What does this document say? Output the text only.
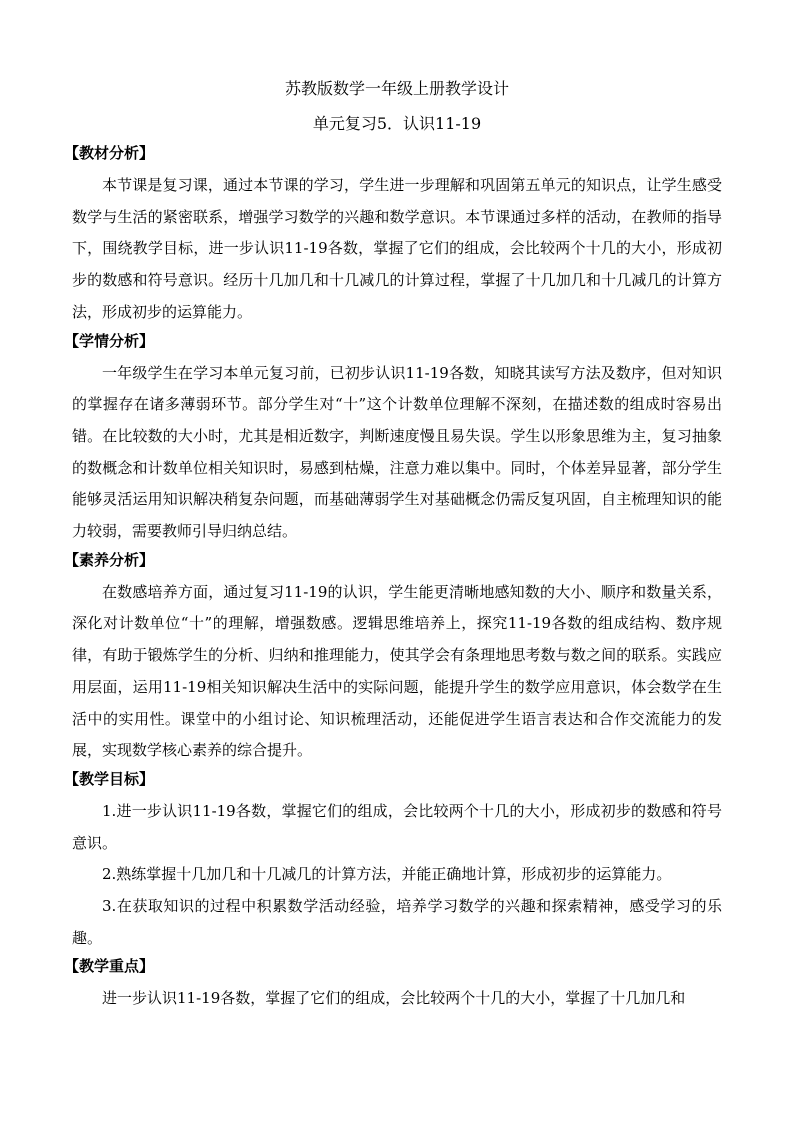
苏教版数学一年级上册教学设计

单元复习5．认识11-19

【教材分析】

本节课是复习课，通过本节课的学习，学生进一步理解和巩固第五单元的知识点，让学生感受数学与生活的紧密联系，增强学习数学的兴趣和数学意识。本节课通过多样的活动，在教师的指导下，围绕教学目标，进一步认识11-19各数，掌握了它们的组成，会比较两个十几的大小，形成初步的数感和符号意识。经历十几加几和十几减几的计算过程，掌握了十几加几和十几减几的计算方法，形成初步的运算能力。

【学情分析】

一年级学生在学习本单元复习前，已初步认识11-19各数，知晓其读写方法及数序，但对知识的掌握存在诸多薄弱环节。部分学生对“十”这个计数单位理解不深刻，在描述数的组成时容易出错。在比较数的大小时，尤其是相近数字，判断速度慢且易失误。学生以形象思维为主，复习抽象的数概念和计数单位相关知识时，易感到枯燥，注意力难以集中。同时，个体差异显著，部分学生能够灵活运用知识解决稍复杂问题，而基础薄弱学生对基础概念仍需反复巩固，自主梳理知识的能力较弱，需要教师引导归纳总结。

【素养分析】

在数感培养方面，通过复习11-19的认识，学生能更清晰地感知数的大小、顺序和数量关系，深化对计数单位“十”的理解，增强数感。逻辑思维培养上，探究11-19各数的组成结构、数序规律，有助于锻炼学生的分析、归纳和推理能力，使其学会有条理地思考数与数之间的联系。实践应用层面，运用11-19相关知识解决生活中的实际问题，能提升学生的数学应用意识，体会数学在生活中的实用性。课堂中的小组讨论、知识梳理活动，还能促进学生语言表达和合作交流能力的发展，实现数学核心素养的综合提升。

【教学目标】

1.进一步认识11-19各数，掌握它们的组成，会比较两个十几的大小，形成初步的数感和符号意识。

2.熟练掌握十几加几和十几减几的计算方法，并能正确地计算，形成初步的运算能力。

3.在获取知识的过程中积累数学活动经验，培养学习数学的兴趣和探索精神，感受学习的乐趣。

【教学重点】

进一步认识11-19各数，掌握了它们的组成，会比较两个十几的大小，掌握了十几加几和
